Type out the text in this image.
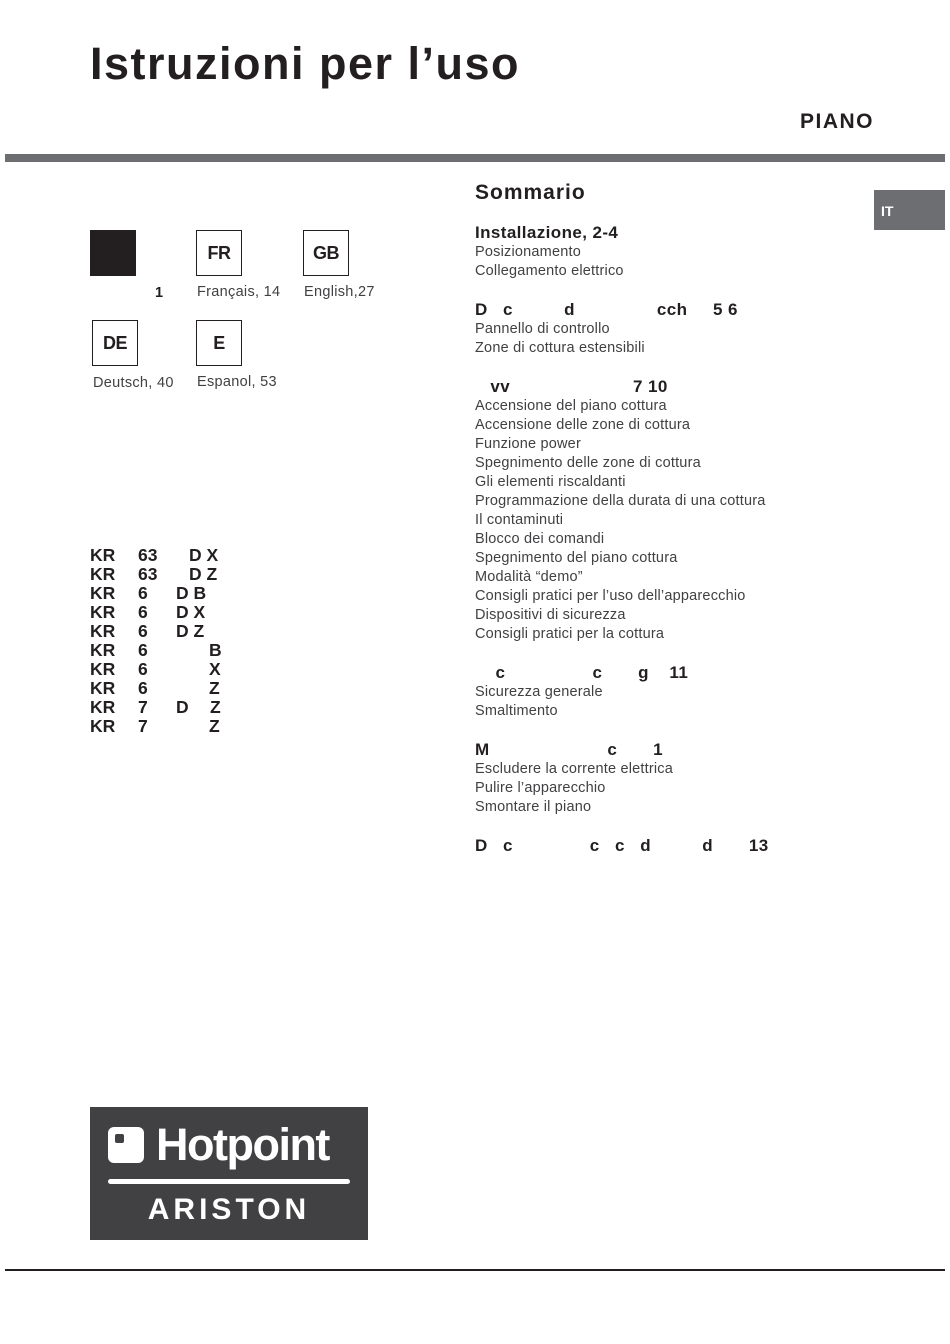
Istruzioni per l’uso
PIANO
IT
1
FR
Français, 14
GB
English,27
DE
Deutsch, 40
E
Espanol, 53
KR 63 D X
KR 63 D Z
KR 6 D B
KR 6 D X
KR 6 D Z
KR 6	B
KR 6	X
KR 6	Z
KR 7 D Z
KR 7	Z
Sommario
Installazione, 2-4
Posizionamento
Collegamento elettrico
D   c          d                cch     5 6
Pannello di controllo
Zone di cottura estensibili
vv                        7 10
Accensione del piano cottura
Accensione delle zone di cottura
Funzione power
Spegnimento delle zone di cottura
Gli elementi riscaldanti
Programmazione della durata di una cottura
Il contaminuti
Blocco dei comandi
Spegnimento del piano cottura
Modalità “demo”
Consigli pratici per l’uso dell’apparecchio
Dispositivi di sicurezza
Consigli pratici per la cottura
c                 c       g    11
Sicurezza generale
Smaltimento
M                       c       1
Escludere la corrente elettrica
Pulire l’apparecchio
Smontare il piano
D   c               c   c   d          d       13
Hotpoint
ARISTON
